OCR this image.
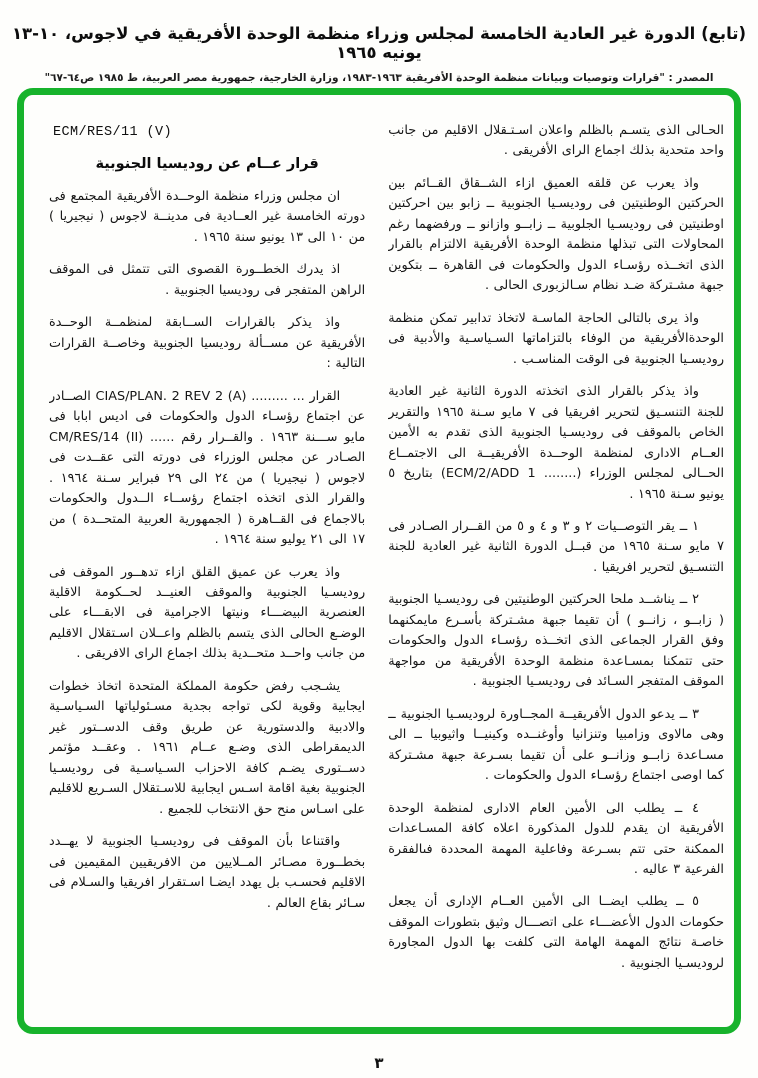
(تابع) الدورة غير العادية الخامسة لمجلس وزراء منظمة الوحدة الأفريقية في لاجوس، ١٠-١٣ يونيه ١٩٦٥
المصدر : "قرارات وتوصيات وبيانات منظمة الوحدة الأفريقية ١٩٦٣-١٩٨٣، وزارة الخارجية، جمهورية مصر العربية، ط ١٩٨٥ ص٦٤-٦٧"
ECM/RES/11 (V)
قرار عــام عن روديسيا الجنوبية

ان مجلس وزراء منظمة الوحــدة الأفريقية المجتمع فى دورته الخامسة غير العــادية فى مدينــة لاجوس ( نيجيريا ) من ١٠ الى ١٣ يونيو سنة ١٩٦٥ .

اذ يدرك الخطــورة القصوى التى تتمثل فى الموقف الراهن المتفجر فى روديسيا الجنوبية .

واذ يذكر بالقرارات الســابقة لمنظمــة الوحــدة الأفريقية عن مســألة روديسيا الجنوبية وخاصــة القرارات التالية :

القرار ... ......... ‎CIAS/PLAN. 2 REV 2 (A)‎ الصــادر عن اجتماع رؤسـاء الدول والحكومات فى اديس ابابا فى مايو ســـنة ١٩٦٣ . والقــرار رقم ...... ‎CM/RES/14 (II)‎ الصـادر عن مجلس الوزراء فى دورته التى عقــدت فى لاجوس ( نيجيريا ) من ٢٤ الى ٢٩ فبراير سـنة ١٩٦٤ . والقرار الذى اتخذه اجتماع رؤســاء الــدول والحكومات بالاجماع فى القــاهرة ( الجمهورية العربية المتحــدة ) من ١٧ الى ٢١ يوليو سنة ١٩٦٤ .

واذ يعرب عن عميق القلق ازاء تدهــور الموقف فى روديسـيا الجنوبية والموقف العنيــد لحــكومة الاقلية العنصرية البيضـــاء ونيتها الاجرامية فى الابقـــاء على الوضـع الحالى الذى يتسم بالظلم واعــلان اسـتقلال الاقليم من جانب واحــد متحــدية بذلك اجماع الراى الافريقى .

يشـجب رفض حكومة المملكة المتحدة اتخاذ خطوات ايجابية وقوية لكى تواجه بجدية مسـئولياتها السـياسـية والادبية والدستورية عن طريق وقف الدســتور غير الديمقراطى الذى وضـع عــام ١٩٦١ . وعقــد مؤتمر دســتورى يضـم كافة الاحزاب السـياسـية فى روديسـيا الجنوبية بغية اقامة اسـس ايجابية للاسـتقلال السـريع للاقليم على اسـاس منح حق الانتخاب للجميع .

واقتناعا بأن الموقف فى روديسـيا الجنوبية لا يهــدد بخطــورة مصـائر المــلايين من الافريقيين المقيمين فى الاقليم فحسـب بل يهدد ايضـا اسـتقرار افريقيا والسـلام فى سـائر بقاع العالم .

الحـالى الذى يتسـم بالظلم واعلان اسـتـقلال الاقليم من جانب واحد متحدية بذلك اجماع الراى الأفريقى .

واذ يعرب عن قلقه العميق ازاء الشــقاق القــائم بين الحركتين الوطنيتين فى روديسـيا الجنوبية ــ زابو بين احركتين اوطنيتين فى روديسـيا الجلوبية ــ زابــو وازانو ــ ورفضهما رغم المحاولات التى تبذلها منظمة الوحدة الأفريقية الالتزام بالقرار الذى اتخــذه رؤسـاء الدول والحكومات فى القاهرة ــ بتكوين جبهة مشـتركة ضـد نظام سـالزبورى الحالى .

واذ يرى بالتالى الحاجة الماسـة لاتخاذ تدابير تمكن منظمة الوحدةالأفريقية من الوفاء بالتزاماتها السـياسـية والأدبية فى روديسـيا الجنوبية فى الوقت المناسـب .

واذ يذكر بالقرار الذى اتخذته الدورة الثانية غير العادية للجنة التنسـيق لتحرير افريقيا فى ٧ مايو سـنة ١٩٦٥ والتقرير الخاص بالموقف فى روديسـيا الجنوبية الذى تقدم به الأمين العــام الادارى لمنظمة الوحــدة الأفريقيــة الى الاجتمــاع الحــالى لمجلس الوزراء ‎(ECM/2/ADD 1 ........)‎ بتاريخ ٥ يونيو سـنة ١٩٦٥ .

١ ــ يقر التوصــيات ٢ و ٣ و ٤ و ٥ من القــرار الصـادر فى ٧ مايو سـنة ١٩٦٥ من قبــل الدورة الثانية غير العادية للجنة التنسـيق لتحرير افريقيا .

٢ ــ يناشــد ملحا الحركتين الوطنيتين فى روديسـيا الجنوبية ( زابــو ، زانــو ) أن تقيما جبهة مشـتركة بأسـرع مايمكنهما وفق القرار الجماعى الذى اتخــذه رؤسـاء الدول والحكومات حتى تتمكنا بمسـاعدة منظمة الوحدة الأفريقية من مواجهة الموقف المتفجر السـائد فى روديسـيا الجنوبية .

٣ ــ يدعو الدول الأفريقيــة المجــاورة لروديسـيا الجنوبية ــ وهى مالاوى وزامبيا وتنزانيا وأوغنــده وكينيــا واثيوبيا ــ الى مسـاعدة زابــو وزانــو على أن تقيما بسـرعة جبهة مشـتركة كما اوصى اجتماع رؤسـاء الدول والحكومات .

٤ ــ يطلب الى الأمين العام الادارى لمنظمة الوحدة الأفريقية ان يقدم للدول المذكورة اعلاه كافة المسـاعدات الممكنة حتى تتم بسـرعة وفاعلية المهمة المحددة فىالفقرة الفرعية ٣ عاليه .

٥ ــ يطلب ايضــا الى الأمين العــام الإدارى أن يجعل حكومات الدول الأعضـــاء على اتصـــال وثيق بتطورات الموقف خاصـة نتائج المهمة الهامة التى كلفت بها الدول المجاورة لروديسـيا الجنوبية .

٣
